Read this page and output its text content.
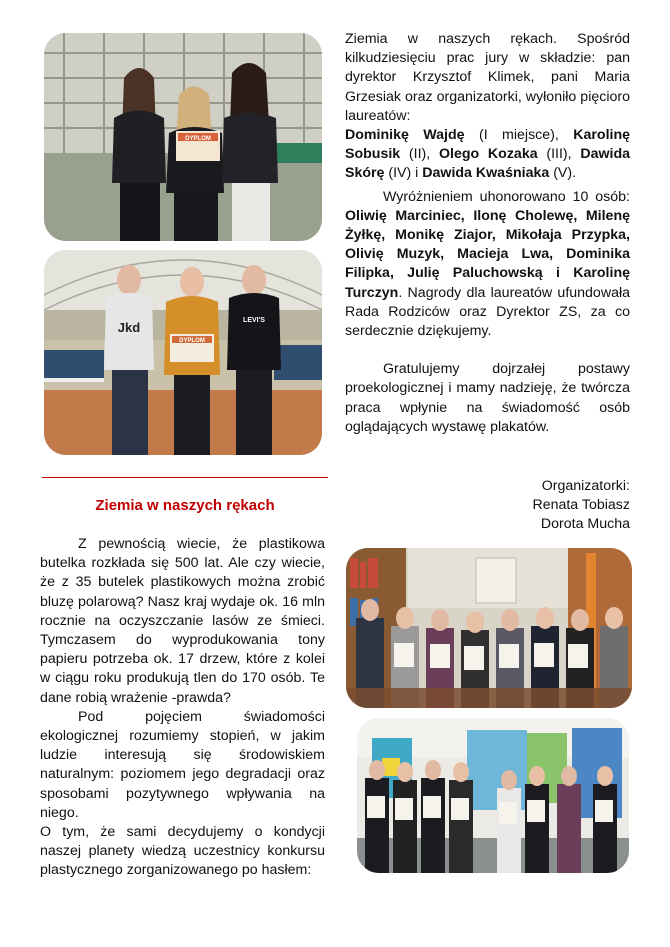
DYPLOM
Jkd
DYPLOM
LEVI'S

Ziemia w naszych rękach. Spośród kilkudziesięciu prac jury w składzie: pan dyrektor Krzysztof Klimek, pani Maria Grzesiak oraz organizatorki, wyłoniło pięcioro laureatów:
Dominikę Wajdę (I miejsce), Karolinę Sobusik (II), Olego Kozaka (III), Dawida Skórę (IV) i Dawida Kwaśniaka (V).

Wyróżnieniem uhonorowano 10 osób: Oliwię Marciniec, Ilonę Cholewę, Milenę Żyłkę, Monikę Ziajor, Mikołaja Przypka, Olivię Muzyk, Macieja Lwa, Dominika Filipka, Julię Paluchowską i Karolinę Turczyn. Nagrody dla laureatów ufundowała Rada Rodziców oraz Dyrektor ZS, za co serdecznie dziękujemy.

Gratulujemy dojrzałej postawy proekologicznej i mamy nadzieję, że twórcza praca wpłynie na świadomość osób oglądających wystawę plakatów.

Organizatorki:
Renata Tobiasz
Dorota Mucha
Ziemia w naszych rękach

Z pewnością wiecie, że plastikowa butelka rozkłada się 500 lat. Ale czy wiecie, że z 35 butelek plastikowych można zrobić bluzę polarową? Nasz kraj wydaje ok. 16 mln rocznie na oczyszczanie lasów ze śmieci. Tymczasem do wyprodukowania tony papieru potrzeba ok. 17 drzew, które z kolei w ciągu roku produkują tlen do 170 osób. Te dane robią wrażenie -prawda?

Pod pojęciem świadomości ekologicznej rozumiemy stopień, w jakim ludzie interesują się środowiskiem naturalnym: poziomem jego degradacji oraz sposobami pozytywnego wpływania na niego.

O tym, że sami decydujemy o kondycji naszej planety wiedzą uczestnicy konkursu plastycznego zorganizowanego po hasłem:
